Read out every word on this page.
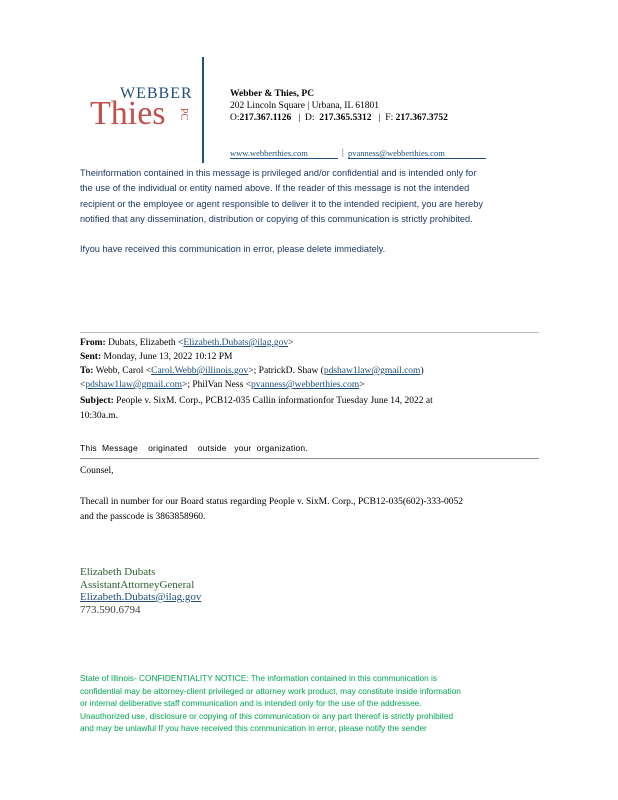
WEBBER
Thies PC
Webber & Thies, PC
202 Lincoln Square | Urbana, IL 61801
O:217.367.1126   |  D: 217.365.5312   |  F: 217.367.3752
www.webberthies.com	| pvanness@webberthies.com
Theinformation contained in this message is privileged and/or confidential and is intended only for
the use of the individual or entity named above. If the reader of this message is not the intended
recipient or the employee or agent responsible to deliver it to the intended recipient, you are hereby
notified that any dissemination, distribution or copying of this communication is strictly prohibited.
Ifyou have received this communication in error, please delete immediately.
From: Dubats, Elizabeth <Elizabeth.Dubats@ilag.gov>
Sent: Monday, June 13, 2022 10:12 PM
To: Webb, Carol <Carol.Webb@illinois.gov>; PatrickD. Shaw (pdshaw1law@gmail.com)
<pdshaw1law@gmail.com>; PhilVan Ness <pvanness@webberthies.com>
Subject: People v. SixM. Corp., PCB12-035 Callin informationfor Tuesday June 14, 2022 at
10:30a.m.
This  Message    originated    outside   your  organization.
Counsel,
Thecall in number for our Board status regarding People v. SixM. Corp., PCB12-035(602)-333-0052
and the passcode is 3863858960.
Elizabeth Dubats
AssistantAttorneyGeneral
Elizabeth.Dubats@ilag.gov
773.590.6794
State of Illinois- CONFIDENTIALITY NOTICE: The information contained in this communication is
confidential may be attorney-client privileged or attorney work product, may constitute inside information
or internal deliberative staff communication and is intended only for the use of the addressee.
Unauthorized use, disclosure or copying of this communication or any part thereof is strictly prohibited
and may be unlawful If you have received this communication in error, please notify the sender
